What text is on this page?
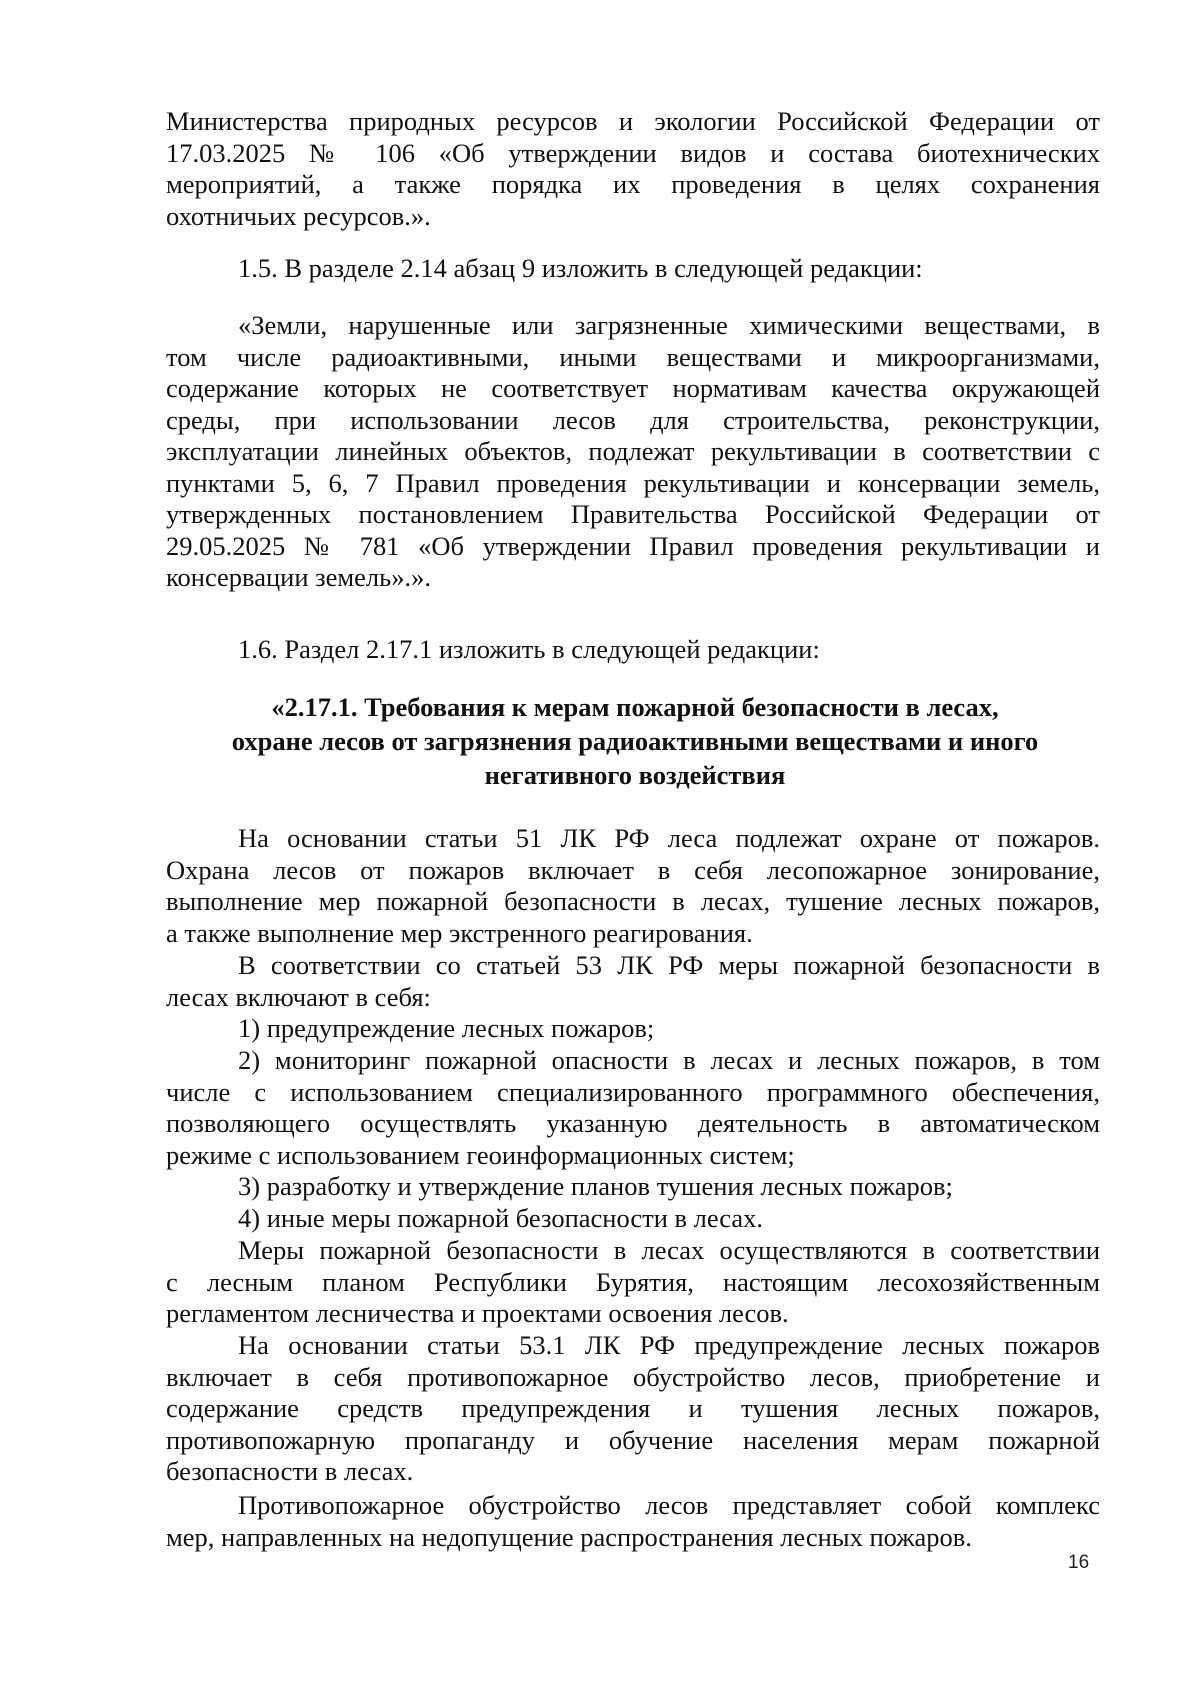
Министерства природных ресурсов и экологии Российской Федерации от
17.03.2025 № 106 «Об утверждении видов и состава биотехнических
мероприятий, а также порядка их проведения в целях сохранения
охотничьих ресурсов.».
1.5. В разделе 2.14 абзац 9 изложить в следующей редакции:
«Земли, нарушенные или загрязненные химическими веществами, в
том числе радиоактивными, иными веществами и микроорганизмами,
содержание которых не соответствует нормативам качества окружающей
среды, при использовании лесов для строительства, реконструкции,
эксплуатации линейных объектов, подлежат рекультивации в соответствии с
пунктами 5, 6, 7 Правил проведения рекультивации и консервации земель,
утвержденных постановлением Правительства Российской Федерации от
29.05.2025 № 781 «Об утверждении Правил проведения рекультивации и
консервации земель».».
1.6. Раздел 2.17.1 изложить в следующей редакции:
«2.17.1. Требования к мерам пожарной безопасности в лесах,
охране лесов от загрязнения радиоактивными веществами и иного
негативного воздействия
На основании статьи 51 ЛК РФ леса подлежат охране от пожаров.
Охрана лесов от пожаров включает в себя лесопожарное зонирование,
выполнение мер пожарной безопасности в лесах, тушение лесных пожаров,
а также выполнение мер экстренного реагирования.
В соответствии со статьей 53 ЛК РФ меры пожарной безопасности в
лесах включают в себя:
1) предупреждение лесных пожаров;
2) мониторинг пожарной опасности в лесах и лесных пожаров, в том
числе с использованием специализированного программного обеспечения,
позволяющего осуществлять указанную деятельность в автоматическом
режиме с использованием геоинформационных систем;
3) разработку и утверждение планов тушения лесных пожаров;
4) иные меры пожарной безопасности в лесах.
Меры пожарной безопасности в лесах осуществляются в соответствии
с лесным планом Республики Бурятия, настоящим лесохозяйственным
регламентом лесничества и проектами освоения лесов.
На основании статьи 53.1 ЛК РФ предупреждение лесных пожаров
включает в себя противопожарное обустройство лесов, приобретение и
содержание средств предупреждения и тушения лесных пожаров,
противопожарную пропаганду и обучение населения мерам пожарной
безопасности в лесах.
Противопожарное обустройство лесов представляет собой комплекс
мер, направленных на недопущение распространения лесных пожаров.
16
